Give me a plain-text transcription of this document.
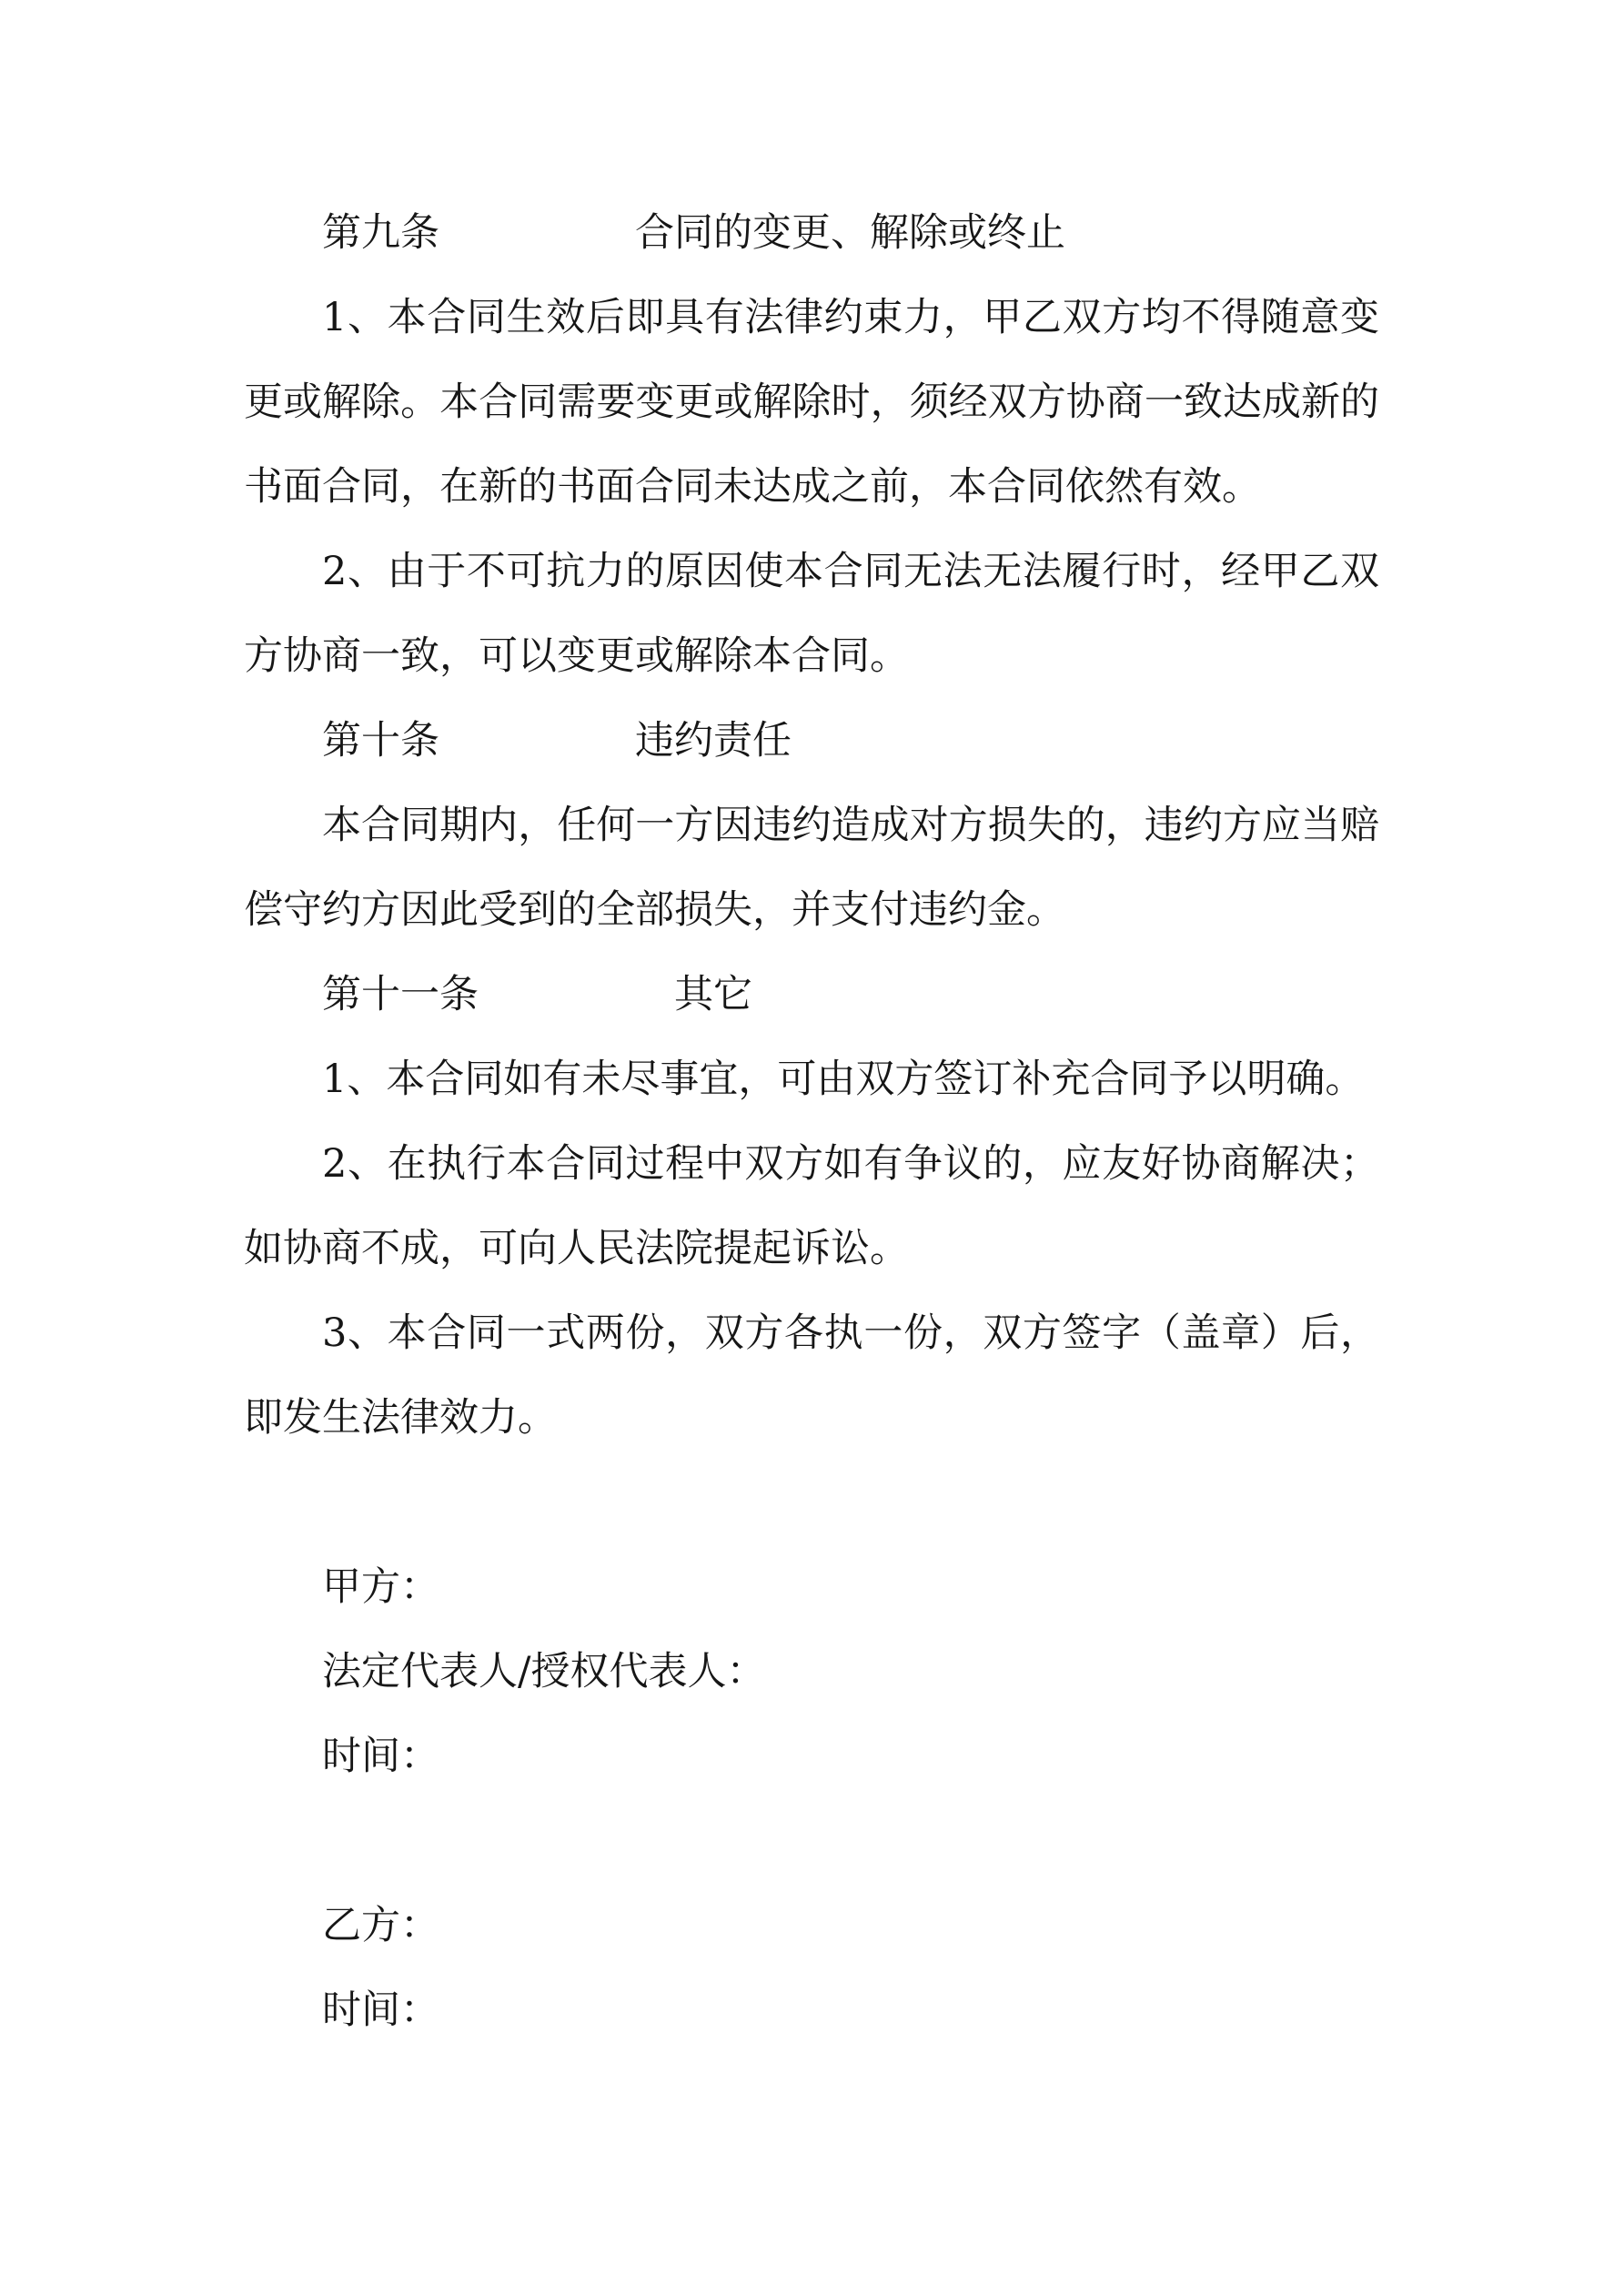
第九条　　　　　合同的变更、解除或终止

1、本合同生效后即具有法律约束力，甲乙双方均不得随意变更或解除。本合同需要变更或解除时，须经双方协商一致达成新的书面合同，在新的书面合同未达成之前，本合同依然有效。

2、由于不可抗力的原因使本合同无法无法履行时，经甲乙双方协商一致，可以变更或解除本合同。

第十条　　　　　违约责任

本合同期内，任何一方因违约造成对方损失的，违约方应当赔偿守约方因此受到的全部损失，并支付违约金。

第十一条　　　　　其它

1、本合同如有未尽事宜，可由双方签订补充合同予以明确。

2、在执行本合同过程中双方如有争议的，应友好协商解决；如协商不成，可向人民法院提起诉讼。

3、本合同一式两份，双方各执一份，双方签字（盖章）后，即发生法律效力。

甲方：

法定代表人/授权代表人：

时间：

乙方：

时间：
